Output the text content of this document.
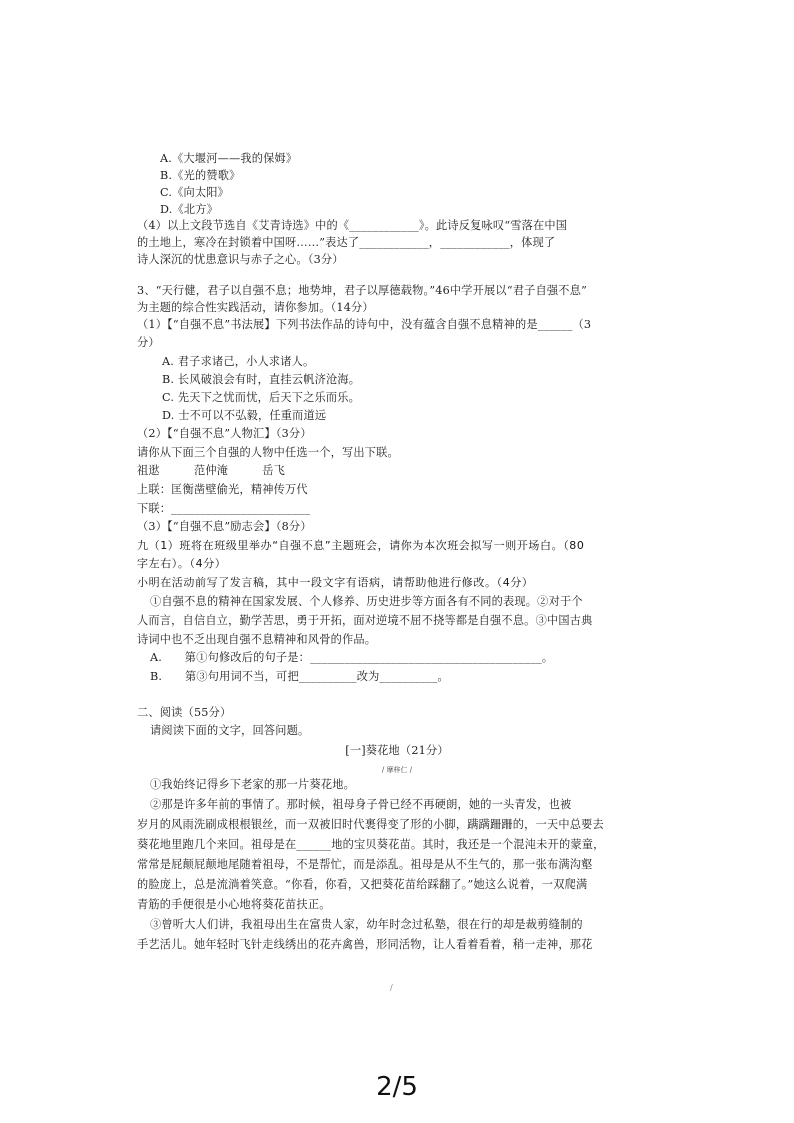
A.《大堰河——我的保姆》
B.《光的赞歌》
C.《向太阳》
D.《北方》
（4）以上文段节选自《艾青诗选》中的《____________》。此诗反复咏叹“雪落在中国
的土地上，寒冷在封锁着中国呀……”表达了____________，____________，体现了
诗人深沉的忧患意识与赤子之心。（3分）
3、“天行健，君子以自强不息；地势坤，君子以厚德载物。”46中学开展以“君子自强不息”
为主题的综合性实践活动，请你参加。（14分）
（1）【“自强不息”书法展】下列书法作品的诗句中，没有蕴含自强不息精神的是______（3
分）
A. 君子求诸己，小人求诸人。
B. 长风破浪会有时，直挂云帆济沧海。
C. 先天下之忧而忧，后天下之乐而乐。
D. 士不可以不弘毅，任重而道远
（2）【“自强不息”人物汇】（3分）
请你从下面三个自强的人物中任选一个，写出下联。
祖逖　　　范仲淹　　　岳飞
上联：匡衡凿壁偷光，精神传万代
下联：________________________
（3）【“自强不息”励志会】（8分）
九（1）班将在班级里举办“自强不息”主题班会，请你为本次班会拟写一则开场白。（80
字左右）。（4分）
小明在活动前写了发言稿，其中一段文字有语病，请帮助他进行修改。（4分）
①自强不息的精神在国家发展、个人修养、历史进步等方面各有不同的表现。②对于个
人而言，自信自立，勤学苦思，勇于开拓，面对逆境不屈不挠等都是自强不息。③中国古典
诗词中也不乏出现自强不息精神和风骨的作品。
A.　　第①句修改后的句子是：________________________________________。
B.　　第③句用词不当，可把__________改为__________。
二、阅读（55分）
请阅读下面的文字，回答问题。
[一]葵花地（21分）
/ 摩梓仁 /
①我始终记得乡下老家的那一片葵花地。
②那是许多年前的事情了。那时候，祖母身子骨已经不再硬朗，她的一头青发，也被
岁月的风雨洗刷成根根银丝，而一双被旧时代裹得变了形的小脚，蹒蹒跚跚的，一天中总要去
葵花地里跑几个来回。祖母是在______地的宝贝葵花苗。其时，我还是一个混沌未开的蒙童，
常常是屁颠屁颠地尾随着祖母，不是帮忙，而是添乱。祖母是从不生气的，那一张布满沟壑
的脸庞上，总是流淌着笑意。“你看，你看，又把葵花苗给踩翻了。”她这么说着，一双爬满
青筋的手便很是小心地将葵花苗扶正。
③曾听大人们讲，我祖母出生在富贵人家，幼年时念过私塾，很在行的却是裁剪缝制的
手艺活儿。她年轻时飞针走线绣出的花卉禽兽，形同活物，让人看着看着，稍一走神，那花
/
2/5
